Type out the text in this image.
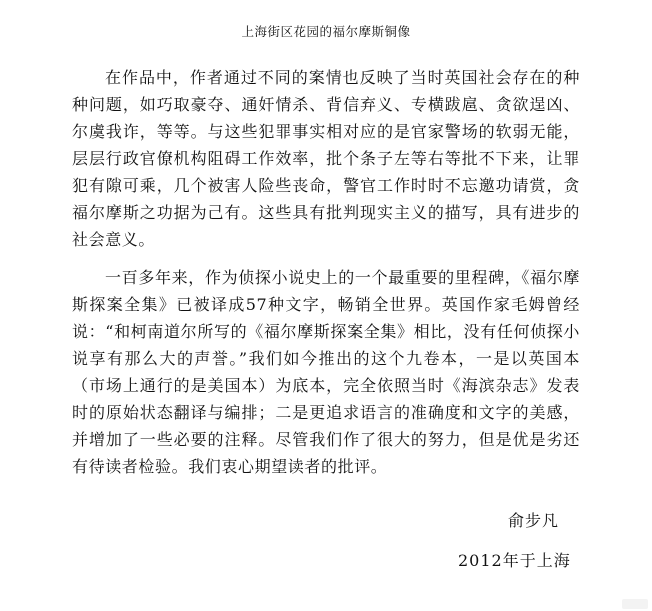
上海街区花园的福尔摩斯铜像

在作品中，作者通过不同的案情也反映了当时英国社会存在的种种问题，如巧取豪夺、通奸情杀、背信弃义、专横跋扈、贪欲逞凶、尔虞我诈，等等。与这些犯罪事实相对应的是官家警场的软弱无能，层层行政官僚机构阻碍工作效率，批个条子左等右等批不下来，让罪犯有隙可乘，几个被害人险些丧命，警官工作时时不忘邀功请赏，贪福尔摩斯之功据为己有。这些具有批判现实主义的描写，具有进步的社会意义。

一百多年来，作为侦探小说史上的一个最重要的里程碑，《福尔摩斯探案全集》已被译成57种文字，畅销全世界。英国作家毛姆曾经说：“和柯南道尔所写的《福尔摩斯探案全集》相比，没有任何侦探小说享有那么大的声誉。”我们如今推出的这个九卷本，一是以英国本（市场上通行的是美国本）为底本，完全依照当时《海滨杂志》发表时的原始状态翻译与编排；二是更追求语言的准确度和文字的美感，并增加了一些必要的注释。尽管我们作了很大的努力，但是优是劣还有待读者检验。我们衷心期望读者的批评。

俞步凡
2012年于上海
